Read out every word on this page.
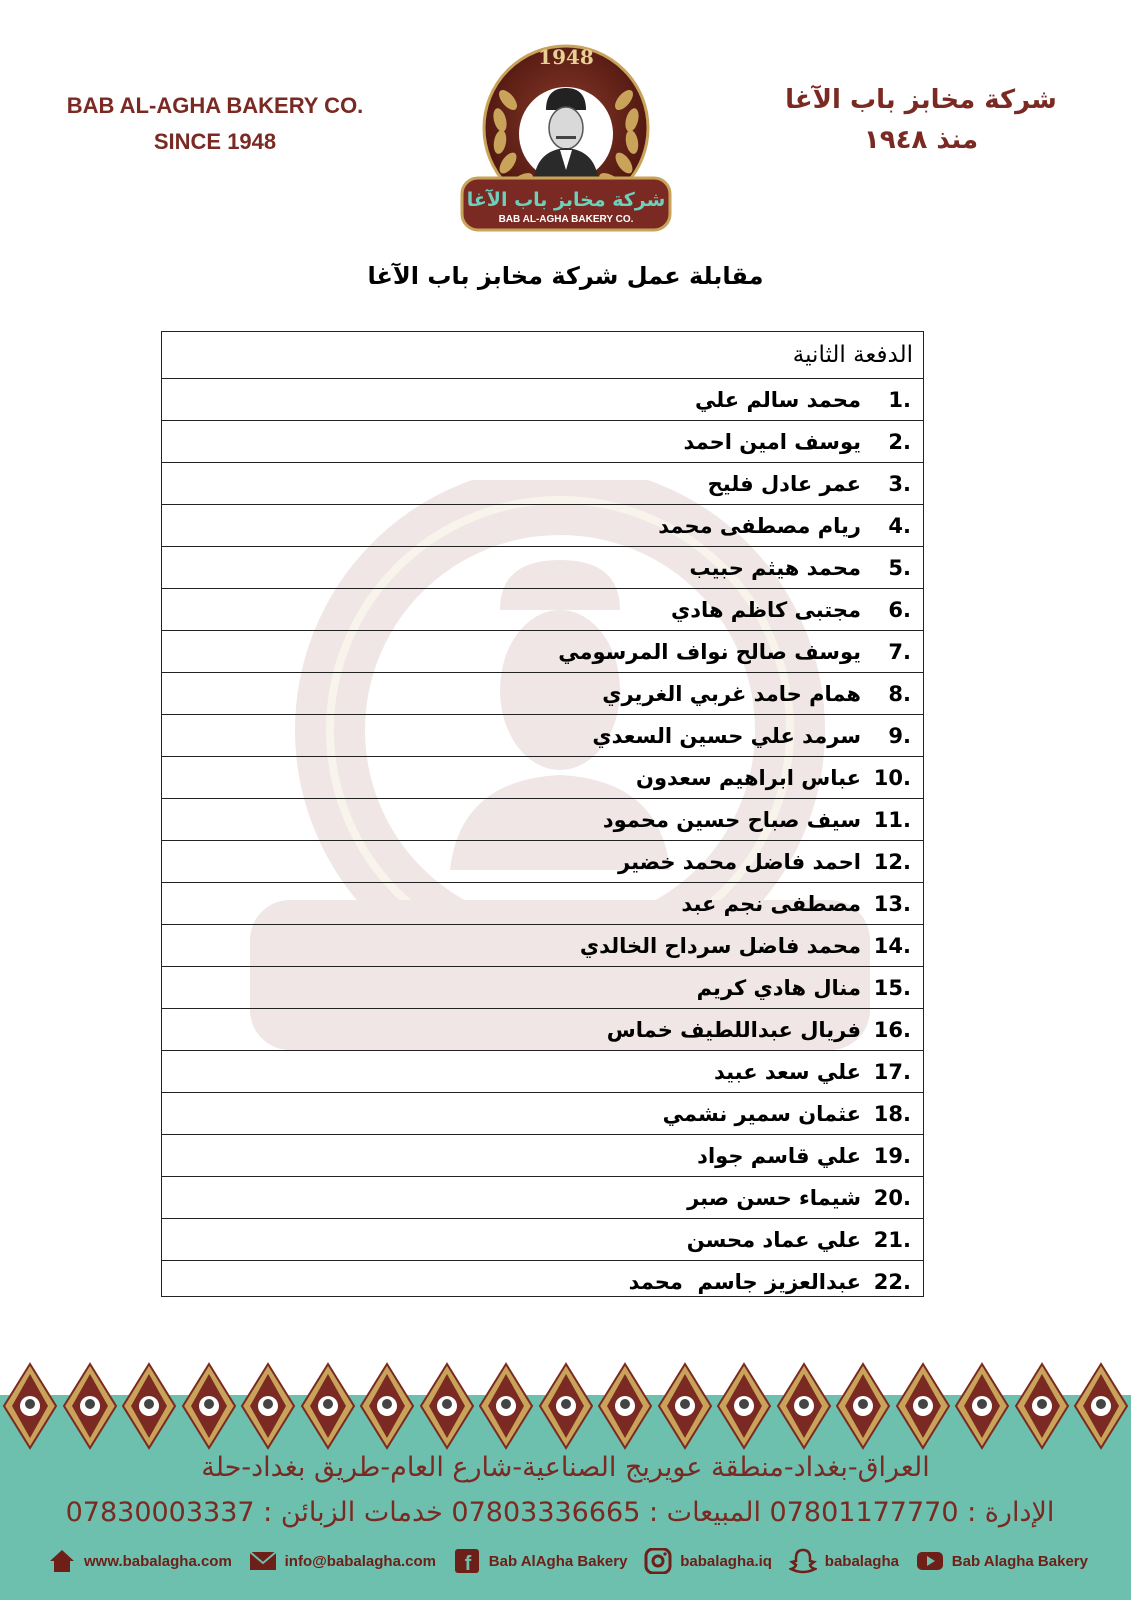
BAB AL-AGHA BAKERY CO.
SINCE 1948
شركة مخابز باب الآغا
منذ ١٩٤٨
1948
شركة مخابز باب الآغا
BAB AL-AGHA BAKERY CO.
مقابلة عمل شركة مخابز باب الآغا
الدفعة الثانية
محمد سالم علي	1.
يوسف امين احمد	2.
عمر عادل فليح	3.
ريام مصطفى محمد	4.
محمد هيثم حبيب	5.
مجتبى كاظم هادي	6.
يوسف صالح نواف المرسومي	7.
همام حامد غربي الغريري	8.
سرمد علي حسين السعدي	9.
عباس ابراهيم سعدون 10.
سيف صباح حسين محمود 11.
احمد فاضل محمد خضير 12.
مصطفى نجم عبد 13.
محمد فاضل سرداح الخالدي 14.
منال هادي كريم 15.
فريال عبداللطيف خماس 16.
علي سعد عبيد 17.
عثمان سمير نشمي 18.
علي قاسم جواد 19.
شيماء حسن صبر 20.
علي عماد محسن 21.
عبدالعزيز جاسم  محمد 22.
العراق-بغداد-منطقة عويريج الصناعية-شارع العام-طريق بغداد-حلة
الإدارة : 07801177770 المبيعات : 07803336665 خدمات الزبائن : 07830003337
www.babalagha.com	info@babalagha.com f Bab AlAgha Bakery	babalagha.iq	babalagha	Bab Alagha Bakery
